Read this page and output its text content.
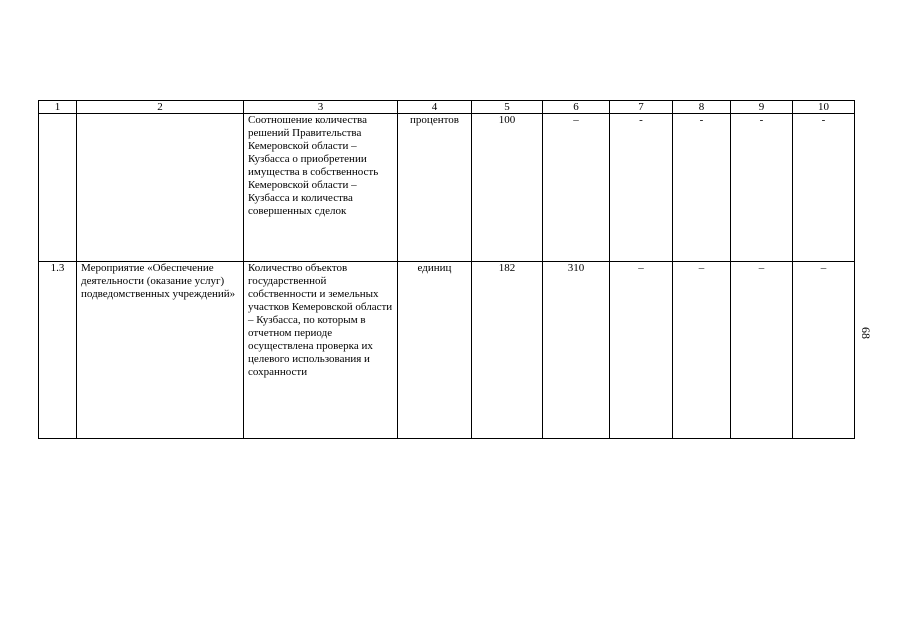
1	2	3	4	5	6	7	8	9	10
		Соотношение количества решений Правительства Кемеровской области – Кузбасса о приобретении имущества в собственность Кемеровской области – Кузбасса и количества совершенных сделок	процентов	100	–	-	-	-	-
1.3	Мероприятие «Обеспечение деятельности (оказание услуг) подведомственных учреждений»	Количество объектов государственной собственности и земельных участков Кемеровской области – Кузбасса, по которым в отчетном периоде осуществлена проверка их целевого использования и сохранности	единиц	182	310	–	–	–	–
68
